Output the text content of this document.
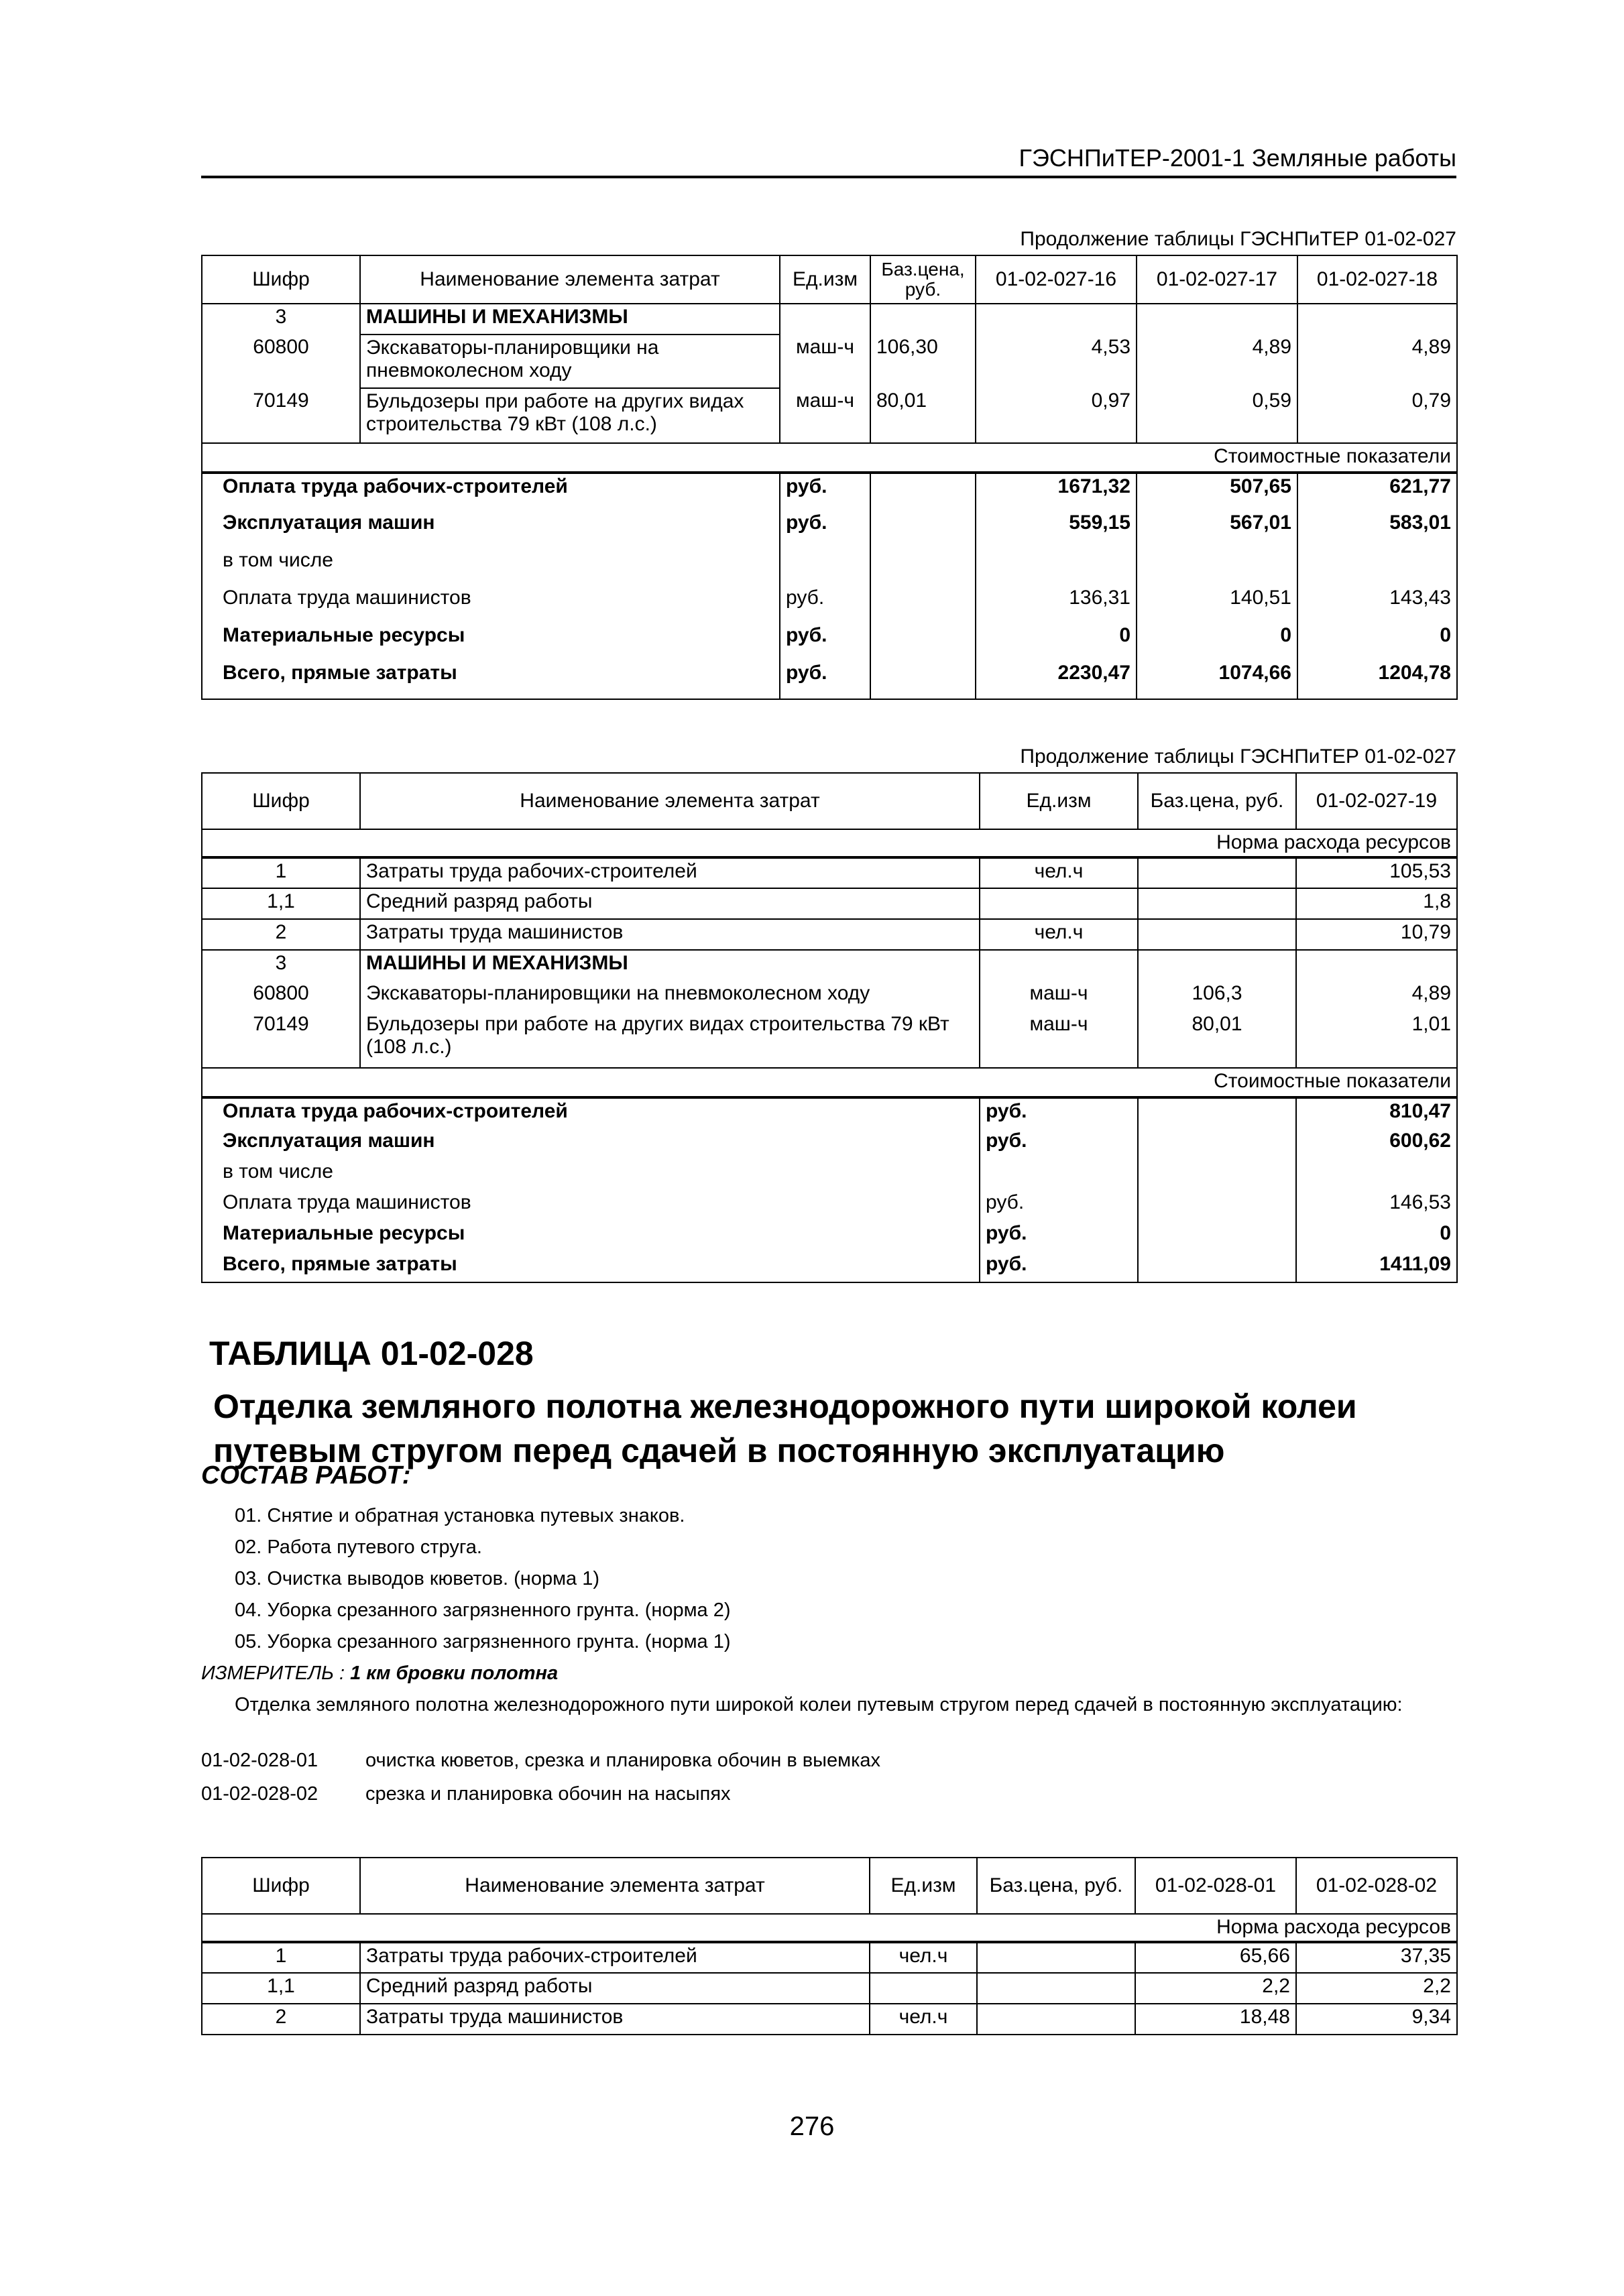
ГЭСНПиТЕР-2001-1 Земляные работы
Продолжение таблицы ГЭСНПиТЕР 01-02-027
Шифр	Наименование элемента затрат	Ед.изм	Баз.цена, руб.	01-02-027-16	01-02-027-17	01-02-027-18
3	МАШИНЫ И МЕХАНИЗМЫ					
60800	Экскаваторы-планировщики на пневмоколесном ходу	маш-ч	106,30	4,53	4,89	4,89
70149	Бульдозеры при работе на других видах строительства 79 кВт (108 л.с.)	маш-ч	80,01	0,97	0,59	0,79
Стоимостные показатели						
Оплата труда рабочих-строителей		руб.		1671,32	507,65	621,77
Эксплуатация машин		руб.		559,15	567,01	583,01
в том числе						
Оплата труда машинистов		руб.		136,31	140,51	143,43
Материальные ресурсы		руб.		0	0	0
Всего, прямые затраты		руб.		2230,47	1074,66	1204,78
Продолжение таблицы ГЭСНПиТЕР 01-02-027
Шифр	Наименование элемента затрат	Ед.изм	Баз.цена, руб.	01-02-027-19
Норма расхода ресурсов				
1	Затраты труда рабочих-строителей	чел.ч		105,53
1,1	Средний разряд работы			1,8
2	Затраты труда машинистов	чел.ч		10,79
3	МАШИНЫ И МЕХАНИЗМЫ			
60800	Экскаваторы-планировщики на пневмоколесном ходу	маш-ч	106,3	4,89
70149	Бульдозеры при работе на других видах строительства 79 кВт (108 л.с.)	маш-ч	80,01	1,01
Стоимостные показатели				
Оплата труда рабочих-строителей		руб.		810,47
Эксплуатация машин		руб.		600,62
в том числе				
Оплата труда машинистов		руб.		146,53
Материальные ресурсы		руб.		0
Всего, прямые затраты		руб.		1411,09
ТАБЛИЦА 01-02-028
Отделка земляного полотна железнодорожного пути широкой колеи путевым стругом перед сдачей в постоянную эксплуатацию
СОСТАВ РАБОТ:
01. Снятие и обратная установка путевых знаков.
02. Работа путевого струга.
03. Очистка выводов кюветов. (норма 1)
04. Уборка срезанного загрязненного грунта. (норма 2)
05. Уборка срезанного загрязненного грунта. (норма 1)
ИЗМЕРИТЕЛЬ : 1 км бровки полотна
Отделка земляного полотна железнодорожного пути широкой колеи путевым стругом перед сдачей в постоянную эксплуатацию:
01-02-028-01 очистка кюветов, срезка и планировка обочин в выемках
01-02-028-02 срезка и планировка обочин на насыпях
Шифр	Наименование элемента затрат	Ед.изм	Баз.цена, руб.	01-02-028-01	01-02-028-02
Норма расхода ресурсов					
1	Затраты труда рабочих-строителей	чел.ч		65,66	37,35
1,1	Средний разряд работы			2,2	2,2
2	Затраты труда машинистов	чел.ч		18,48	9,34
276
